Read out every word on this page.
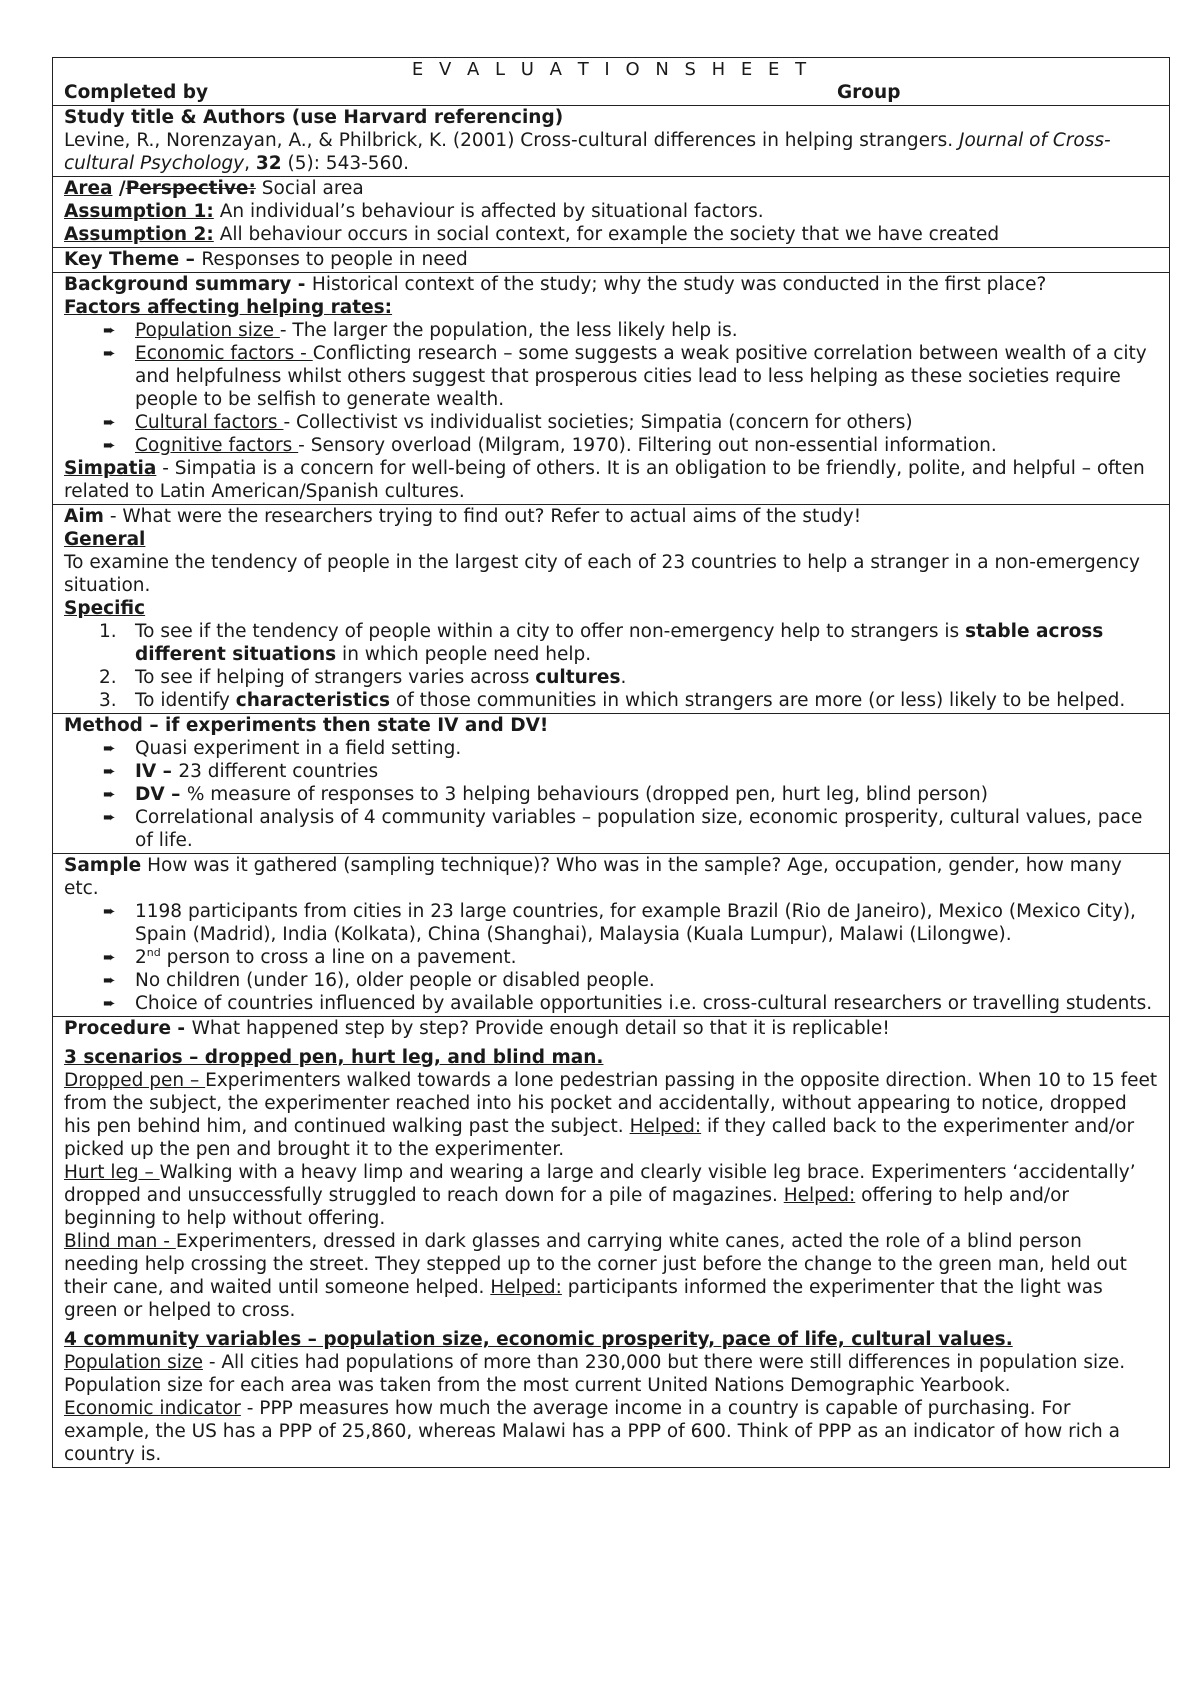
E V A L U A T I O N S H E E T
Completed by	Group

Study title & Authors (use Harvard referencing)
Levine, R., Norenzayan, A., & Philbrick, K. (2001) Cross-cultural differences in helping strangers. Journal of Cross-cultural Psychology, 32 (5): 543-560.

Area /Perspective: Social area
Assumption 1: An individual’s behaviour is affected by situational factors.
Assumption 2: All behaviour occurs in social context, for example the society that we have created

Key Theme – Responses to people in need

Background summary - Historical context of the study; why the study was conducted in the first place?
Factors affecting helping rates:
➨ Population size - The larger the population, the less likely help is.
➨ Economic factors - Conflicting research – some suggests a weak positive correlation between wealth of a city and helpfulness whilst others suggest that prosperous cities lead to less helping as these societies require people to be selfish to generate wealth.
➨ Cultural factors - Collectivist vs individualist societies; Simpatia (concern for others)
➨ Cognitive factors - Sensory overload (Milgram, 1970). Filtering out non-essential information.
Simpatia - Simpatia is a concern for well-being of others. It is an obligation to be friendly, polite, and helpful – often related to Latin American/Spanish cultures.

Aim - What were the researchers trying to find out? Refer to actual aims of the study!
General
To examine the tendency of people in the largest city of each of 23 countries to help a stranger in a non-emergency situation.
Specific
1. To see if the tendency of people within a city to offer non-emergency help to strangers is stable across different situations in which people need help.
2. To see if helping of strangers varies across cultures.
3. To identify characteristics of those communities in which strangers are more (or less) likely to be helped.

Method – if experiments then state IV and DV!
➨ Quasi experiment in a field setting.
➨ IV – 23 different countries
➨ DV – % measure of responses to 3 helping behaviours (dropped pen, hurt leg, blind person)
➨ Correlational analysis of 4 community variables – population size, economic prosperity, cultural values, pace of life.

Sample How was it gathered (sampling technique)? Who was in the sample? Age, occupation, gender, how many etc.
➨ 1198 participants from cities in 23 large countries, for example Brazil (Rio de Janeiro), Mexico (Mexico City), Spain (Madrid), India (Kolkata), China (Shanghai), Malaysia (Kuala Lumpur), Malawi (Lilongwe).
➨ 2nd person to cross a line on a pavement.
➨ No children (under 16), older people or disabled people.
➨ Choice of countries influenced by available opportunities i.e. cross-cultural researchers or travelling students.

Procedure - What happened step by step? Provide enough detail so that it is replicable!
3 scenarios – dropped pen, hurt leg, and blind man.
Dropped pen – Experimenters walked towards a lone pedestrian passing in the opposite direction. When 10 to 15 feet from the subject, the experimenter reached into his pocket and accidentally, without appearing to notice, dropped his pen behind him, and continued walking past the subject. Helped: if they called back to the experimenter and/or picked up the pen and brought it to the experimenter.
Hurt leg – Walking with a heavy limp and wearing a large and clearly visible leg brace. Experimenters ‘accidentally’ dropped and unsuccessfully struggled to reach down for a pile of magazines. Helped: offering to help and/or beginning to help without offering.
Blind man - Experimenters, dressed in dark glasses and carrying white canes, acted the role of a blind person needing help crossing the street. They stepped up to the corner just before the change to the green man, held out their cane, and waited until someone helped. Helped: participants informed the experimenter that the light was green or helped to cross.
4 community variables – population size, economic prosperity, pace of life, cultural values.
Population size - All cities had populations of more than 230,000 but there were still differences in population size. Population size for each area was taken from the most current United Nations Demographic Yearbook.
Economic indicator - PPP measures how much the average income in a country is capable of purchasing. For example, the US has a PPP of 25,860, whereas Malawi has a PPP of 600. Think of PPP as an indicator of how rich a country is.
